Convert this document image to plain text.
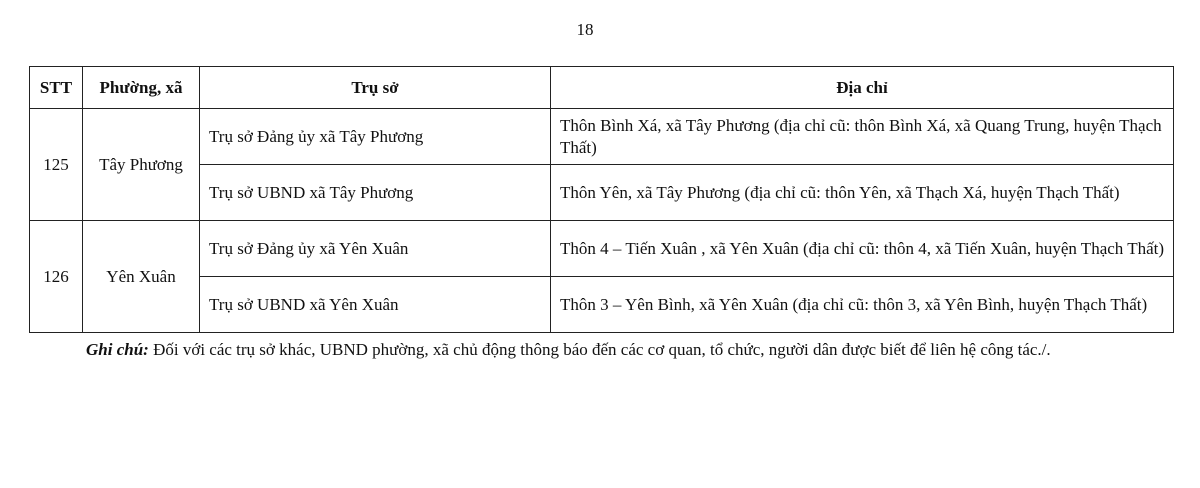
18
STT	Phường, xã	Trụ sở	Địa chỉ
125	Tây Phương	Trụ sở Đảng ủy xã Tây Phương	Thôn Bình Xá, xã Tây Phương (địa chỉ cũ: thôn Bình Xá, xã Quang Trung, huyện Thạch Thất)
		Trụ sở UBND xã Tây Phương	Thôn Yên, xã Tây Phương (địa chỉ cũ: thôn Yên, xã Thạch Xá, huyện Thạch Thất)
126	Yên Xuân	Trụ sở Đảng ủy xã Yên Xuân	Thôn 4 – Tiến Xuân , xã Yên Xuân (địa chỉ cũ: thôn 4, xã Tiến Xuân, huyện Thạch Thất)
		Trụ sở UBND xã Yên Xuân	Thôn 3 – Yên Bình, xã Yên Xuân (địa chỉ cũ: thôn 3, xã Yên Bình, huyện Thạch Thất)

Ghi chú: Đối với các trụ sở khác, UBND phường, xã chủ động thông báo đến các cơ quan, tổ chức, người dân được biết để liên hệ công tác./.
